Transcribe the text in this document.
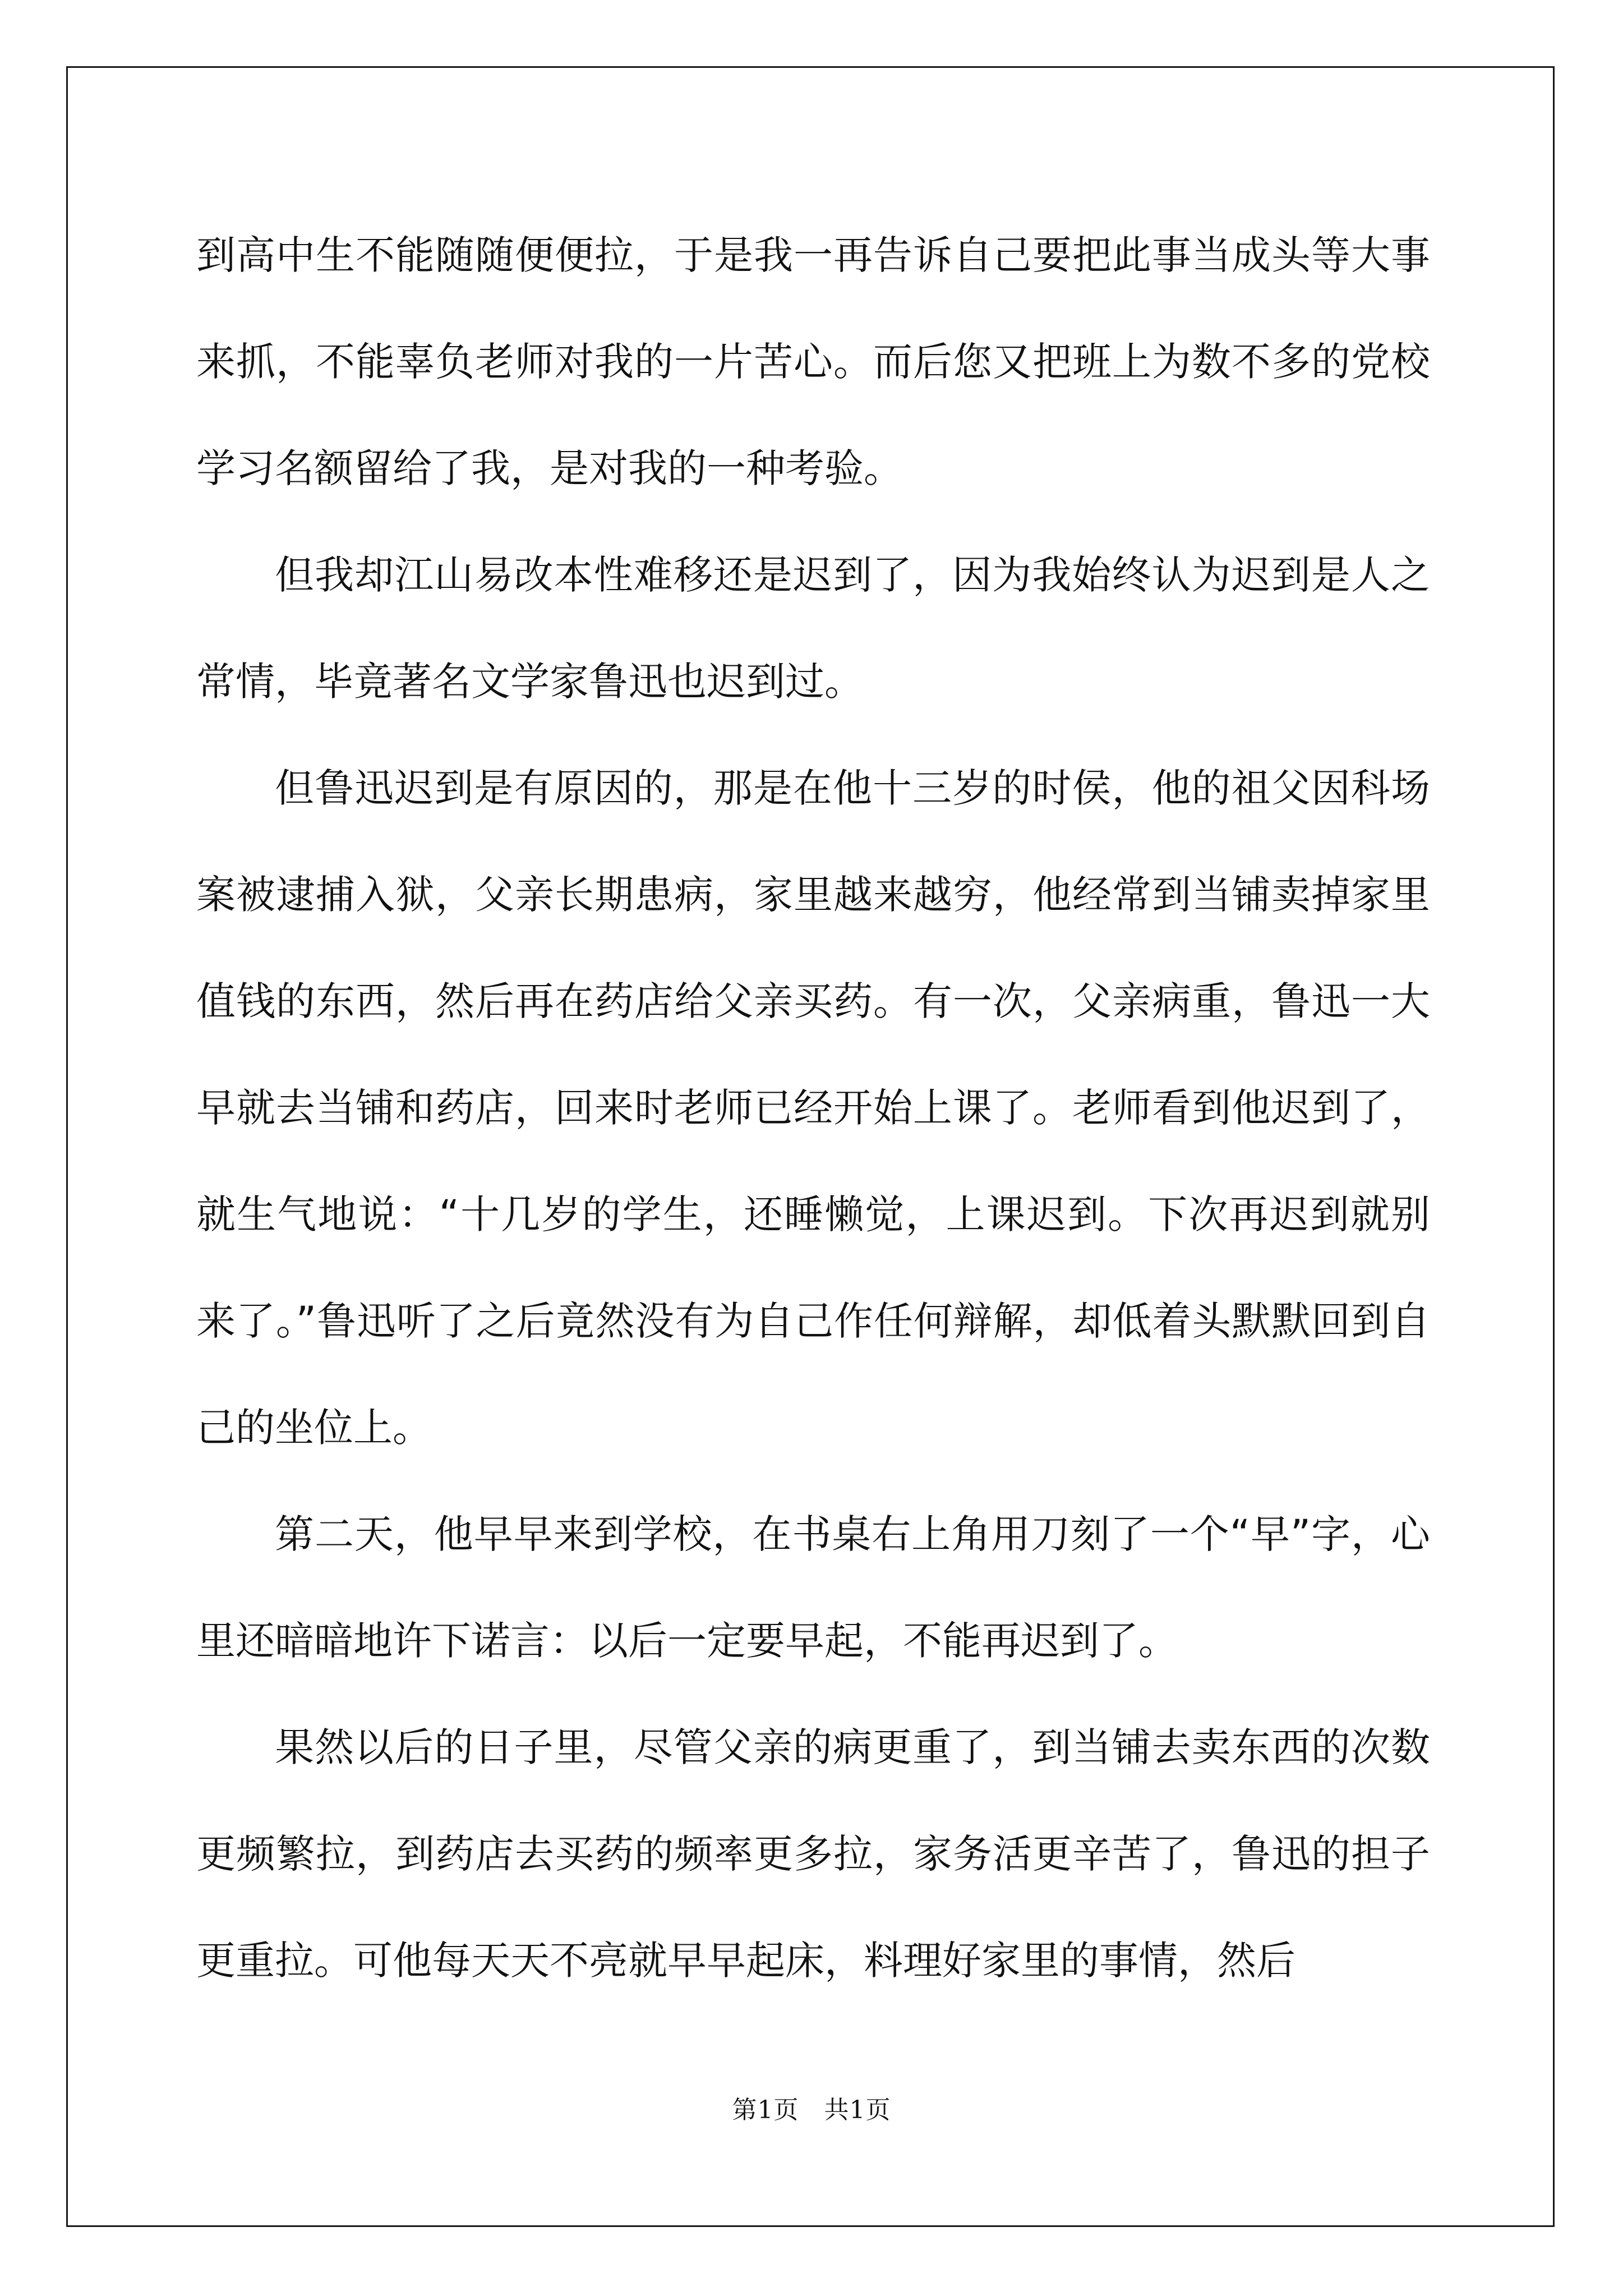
到高中生不能随随便便拉，于是我一再告诉自己要把此事当成头等大事来抓，不能辜负老师对我的一片苦心。而后您又把班上为数不多的党校学习名额留给了我，是对我的一种考验。

但我却江山易改本性难移还是迟到了，因为我始终认为迟到是人之常情，毕竟著名文学家鲁迅也迟到过。

但鲁迅迟到是有原因的，那是在他十三岁的时侯，他的祖父因科场案被逮捕入狱，父亲长期患病，家里越来越穷，他经常到当铺卖掉家里值钱的东西，然后再在药店给父亲买药。有一次，父亲病重，鲁迅一大早就去当铺和药店，回来时老师已经开始上课了。老师看到他迟到了，就生气地说：“十几岁的学生，还睡懒觉，上课迟到。下次再迟到就别来了。”鲁迅听了之后竟然没有为自己作任何辩解，却低着头默默回到自己的坐位上。

第二天，他早早来到学校，在书桌右上角用刀刻了一个“早”字，心里还暗暗地许下诺言：以后一定要早起，不能再迟到了。

果然以后的日子里，尽管父亲的病更重了，到当铺去卖东西的次数更频繁拉，到药店去买药的频率更多拉，家务活更辛苦了，鲁迅的担子更重拉。可他每天天不亮就早早起床，料理好家里的事情，然后

第1页　共1页
